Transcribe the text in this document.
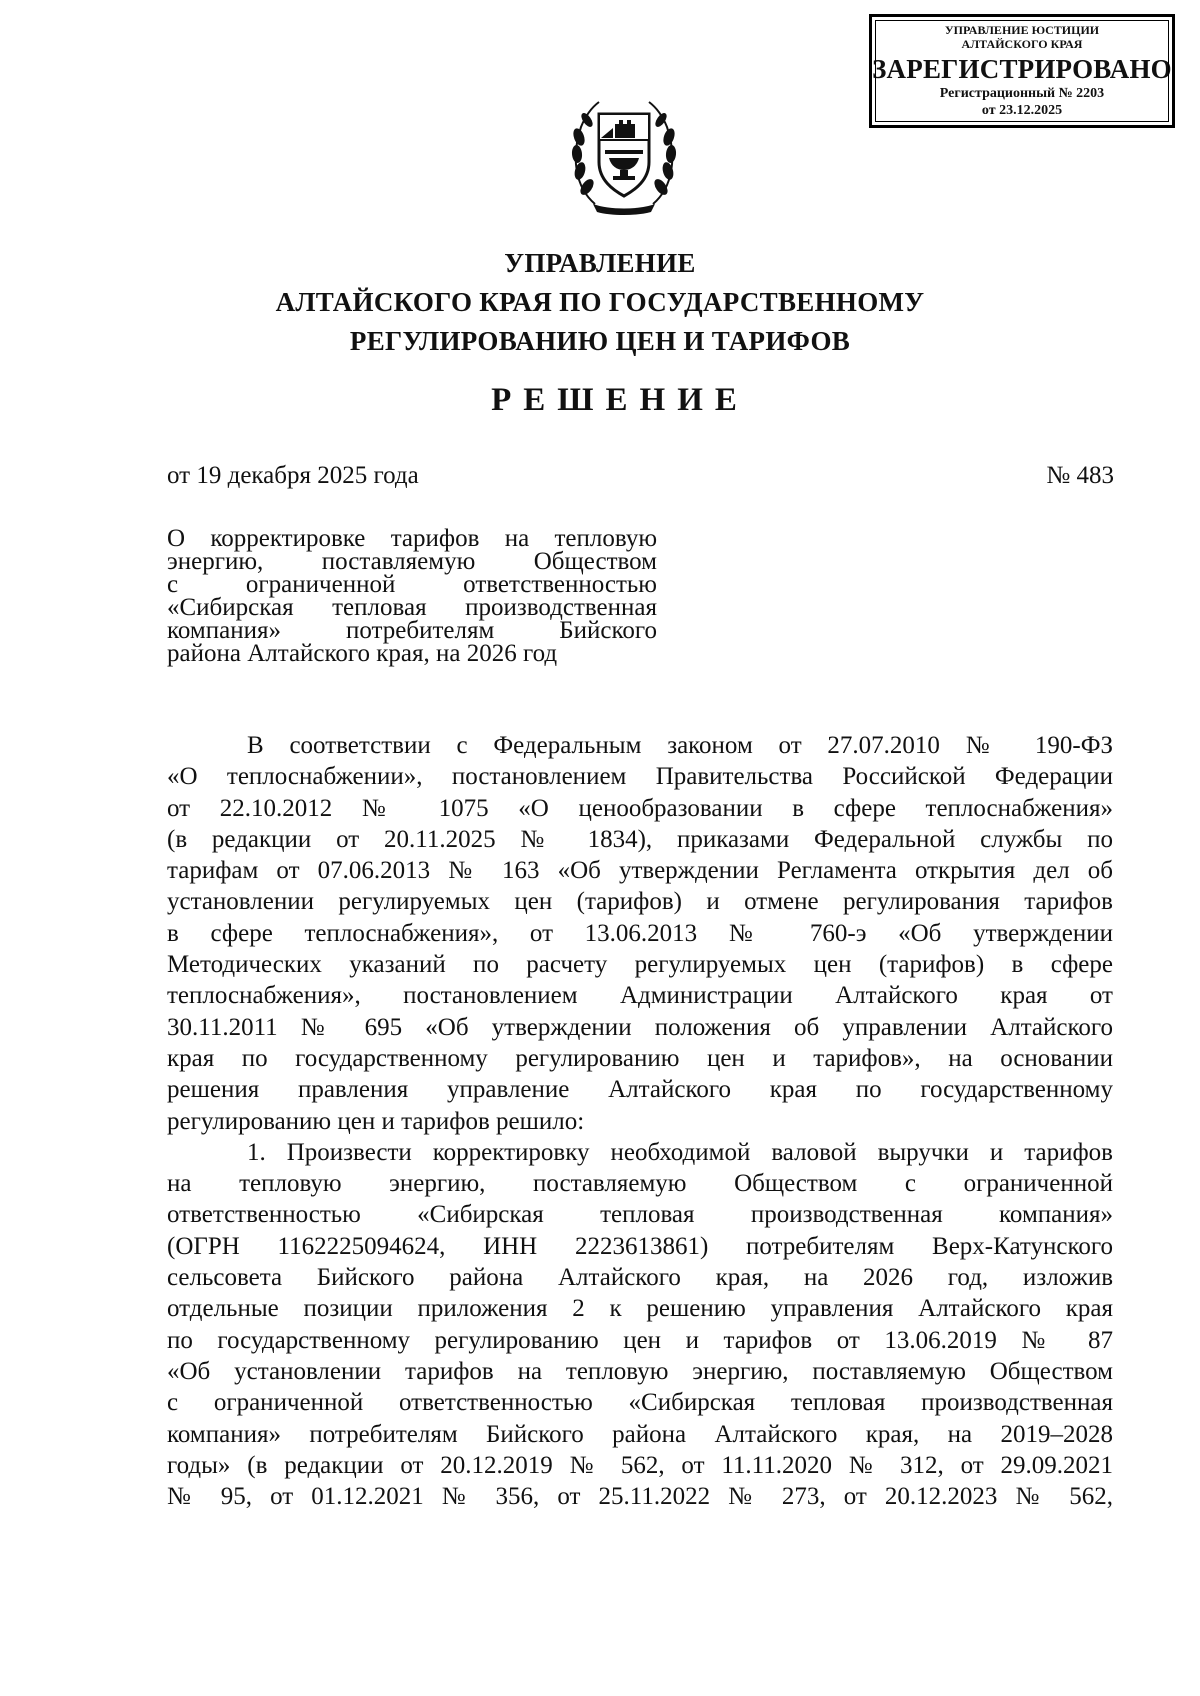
УПРАВЛЕНИЕ ЮСТИЦИИ
АЛТАЙСКОГО КРАЯ
ЗАРЕГИСТРИРОВАНО
Регистрационный № 2203
от 23.12.2025
УПРАВЛЕНИЕ
АЛТАЙСКОГО КРАЯ ПО ГОСУДАРСТВЕННОМУ
РЕГУЛИРОВАНИЮ ЦЕН И ТАРИФОВ
РЕШЕНИЕ
от 19 декабря 2025 года	№ 483
О корректировке тарифов на тепловую
энергию, поставляемую Обществом
с ограниченной ответственностью
«Сибирская тепловая производственная
компания» потребителям Бийского
района Алтайского края, на 2026 год
В соответствии с Федеральным законом от 27.07.2010 № 190-ФЗ
«О теплоснабжении», постановлением Правительства Российской Федерации
от 22.10.2012 № 1075 «О ценообразовании в сфере теплоснабжения»
(в редакции от 20.11.2025 № 1834), приказами Федеральной службы по
тарифам от 07.06.2013 № 163 «Об утверждении Регламента открытия дел об
установлении регулируемых цен (тарифов) и отмене регулирования тарифов
в сфере теплоснабжения», от 13.06.2013 № 760-э «Об утверждении
Методических указаний по расчету регулируемых цен (тарифов) в сфере
теплоснабжения», постановлением Администрации Алтайского края от
30.11.2011 № 695 «Об утверждении положения об управлении Алтайского
края по государственному регулированию цен и тарифов», на основании
решения правления управление Алтайского края по государственному
регулированию цен и тарифов решило:
1. Произвести корректировку необходимой валовой выручки и тарифов
на тепловую энергию, поставляемую Обществом с ограниченной
ответственностью «Сибирская тепловая производственная компания»
(ОГРН 1162225094624, ИНН 2223613861) потребителям Верх-Катунского
сельсовета Бийского района Алтайского края, на 2026 год, изложив
отдельные позиции приложения 2 к решению управления Алтайского края
по государственному регулированию цен и тарифов от 13.06.2019 № 87
«Об установлении тарифов на тепловую энергию, поставляемую Обществом
с ограниченной ответственностью «Сибирская тепловая производственная
компания» потребителям Бийского района Алтайского края, на 2019–2028
годы» (в редакции от 20.12.2019 № 562, от 11.11.2020 № 312, от 29.09.2021
№ 95, от 01.12.2021 № 356, от 25.11.2022 № 273, от 20.12.2023 № 562,
